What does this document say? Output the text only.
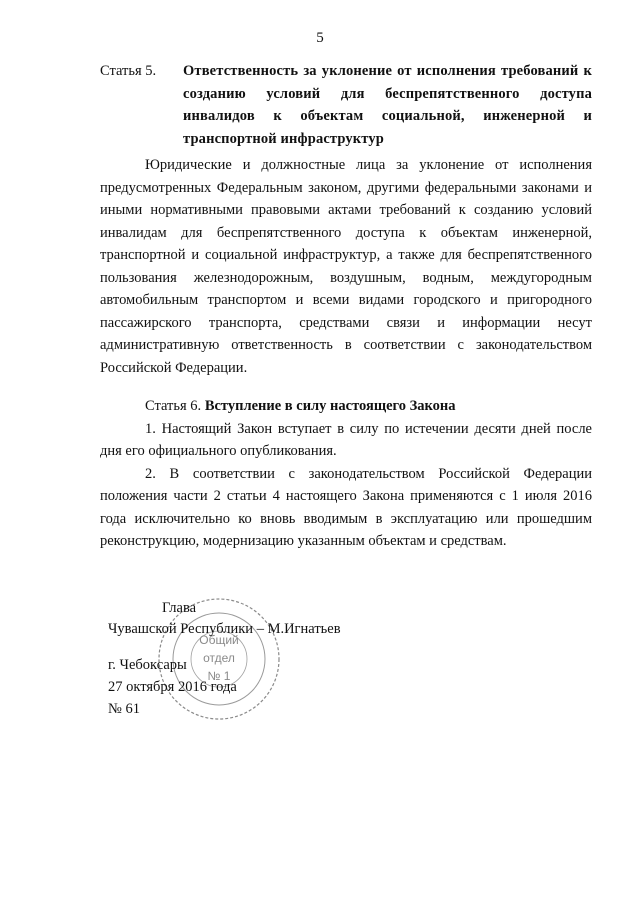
5
Статья 5.	Ответственность за уклонение от исполнения требований к созданию условий для беспрепятственного доступа инвалидов к объектам социальной, инженерной и транспортной инфраструктур

Юридические и должностные лица за уклонение от исполнения предусмотренных Федеральным законом, другими федеральными законами и иными нормативными правовыми актами требований к созданию условий инвалидам для беспрепятственного доступа к объектам инженерной, транспортной и социальной инфраструктур, а также для беспрепятственного пользования железнодорожным, воздушным, водным, междугородным автомобильным транспортом и всеми видами городского и пригородного пассажирского транспорта, средствами связи и информации несут административную ответственность в соответствии с законодательством Российской Федерации.

Статья 6. Вступление в силу настоящего Закона

1. Настоящий Закон вступает в силу по истечении десяти дней после дня его официального опубликования.

2. В соответствии с законодательством Российской Федерации положения части 2 статьи 4 настоящего Закона применяются с 1 июля 2016 года исключительно ко вновь вводимым в эксплуатацию или прошедшим реконструкцию, модернизацию указанным объектам и средствам.

Общий
отдел
№ 1
Глава
Чувашской Республики – М.Игнатьев
г. Чебоксары
27 октября 2016 года
№ 61
